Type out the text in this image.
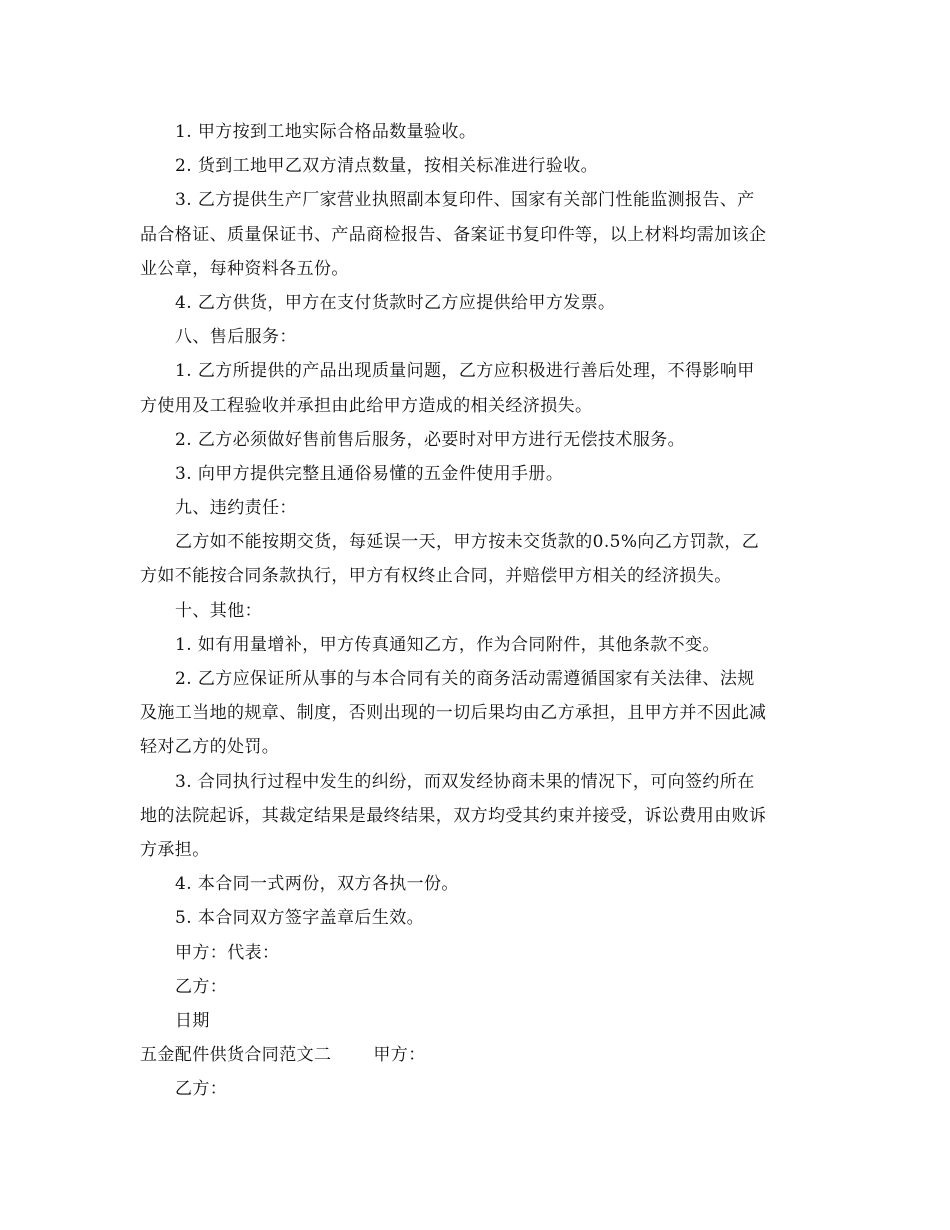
1. 甲方按到工地实际合格品数量验收。
2. 货到工地甲乙双方清点数量，按相关标准进行验收。
3. 乙方提供生产厂家营业执照副本复印件、国家有关部门性能监测报告、产
品合格证、质量保证书、产品商检报告、备案证书复印件等，以上材料均需加该企
业公章，每种资料各五份。
4. 乙方供货，甲方在支付货款时乙方应提供给甲方发票。
八、售后服务：
1. 乙方所提供的产品出现质量问题，乙方应积极进行善后处理，不得影响甲
方使用及工程验收并承担由此给甲方造成的相关经济损失。
2. 乙方必须做好售前售后服务，必要时对甲方进行无偿技术服务。
3. 向甲方提供完整且通俗易懂的五金件使用手册。
九、违约责任：
乙方如不能按期交货，每延误一天，甲方按未交货款的0.5%向乙方罚款，乙
方如不能按合同条款执行，甲方有权终止合同，并赔偿甲方相关的经济损失。
十、其他：
1. 如有用量增补，甲方传真通知乙方，作为合同附件，其他条款不变。
2. 乙方应保证所从事的与本合同有关的商务活动需遵循国家有关法律、法规
及施工当地的规章、制度，否则出现的一切后果均由乙方承担，且甲方并不因此减
轻对乙方的处罚。
3. 合同执行过程中发生的纠纷，而双发经协商未果的情况下，可向签约所在
地的法院起诉，其裁定结果是最终结果，双方均受其约束并接受，诉讼费用由败诉
方承担。
4. 本合同一式两份，双方各执一份。
5. 本合同双方签字盖章后生效。
甲方：代表：
乙方：
日期
五金配件供货合同范文二 甲方：
乙方：
